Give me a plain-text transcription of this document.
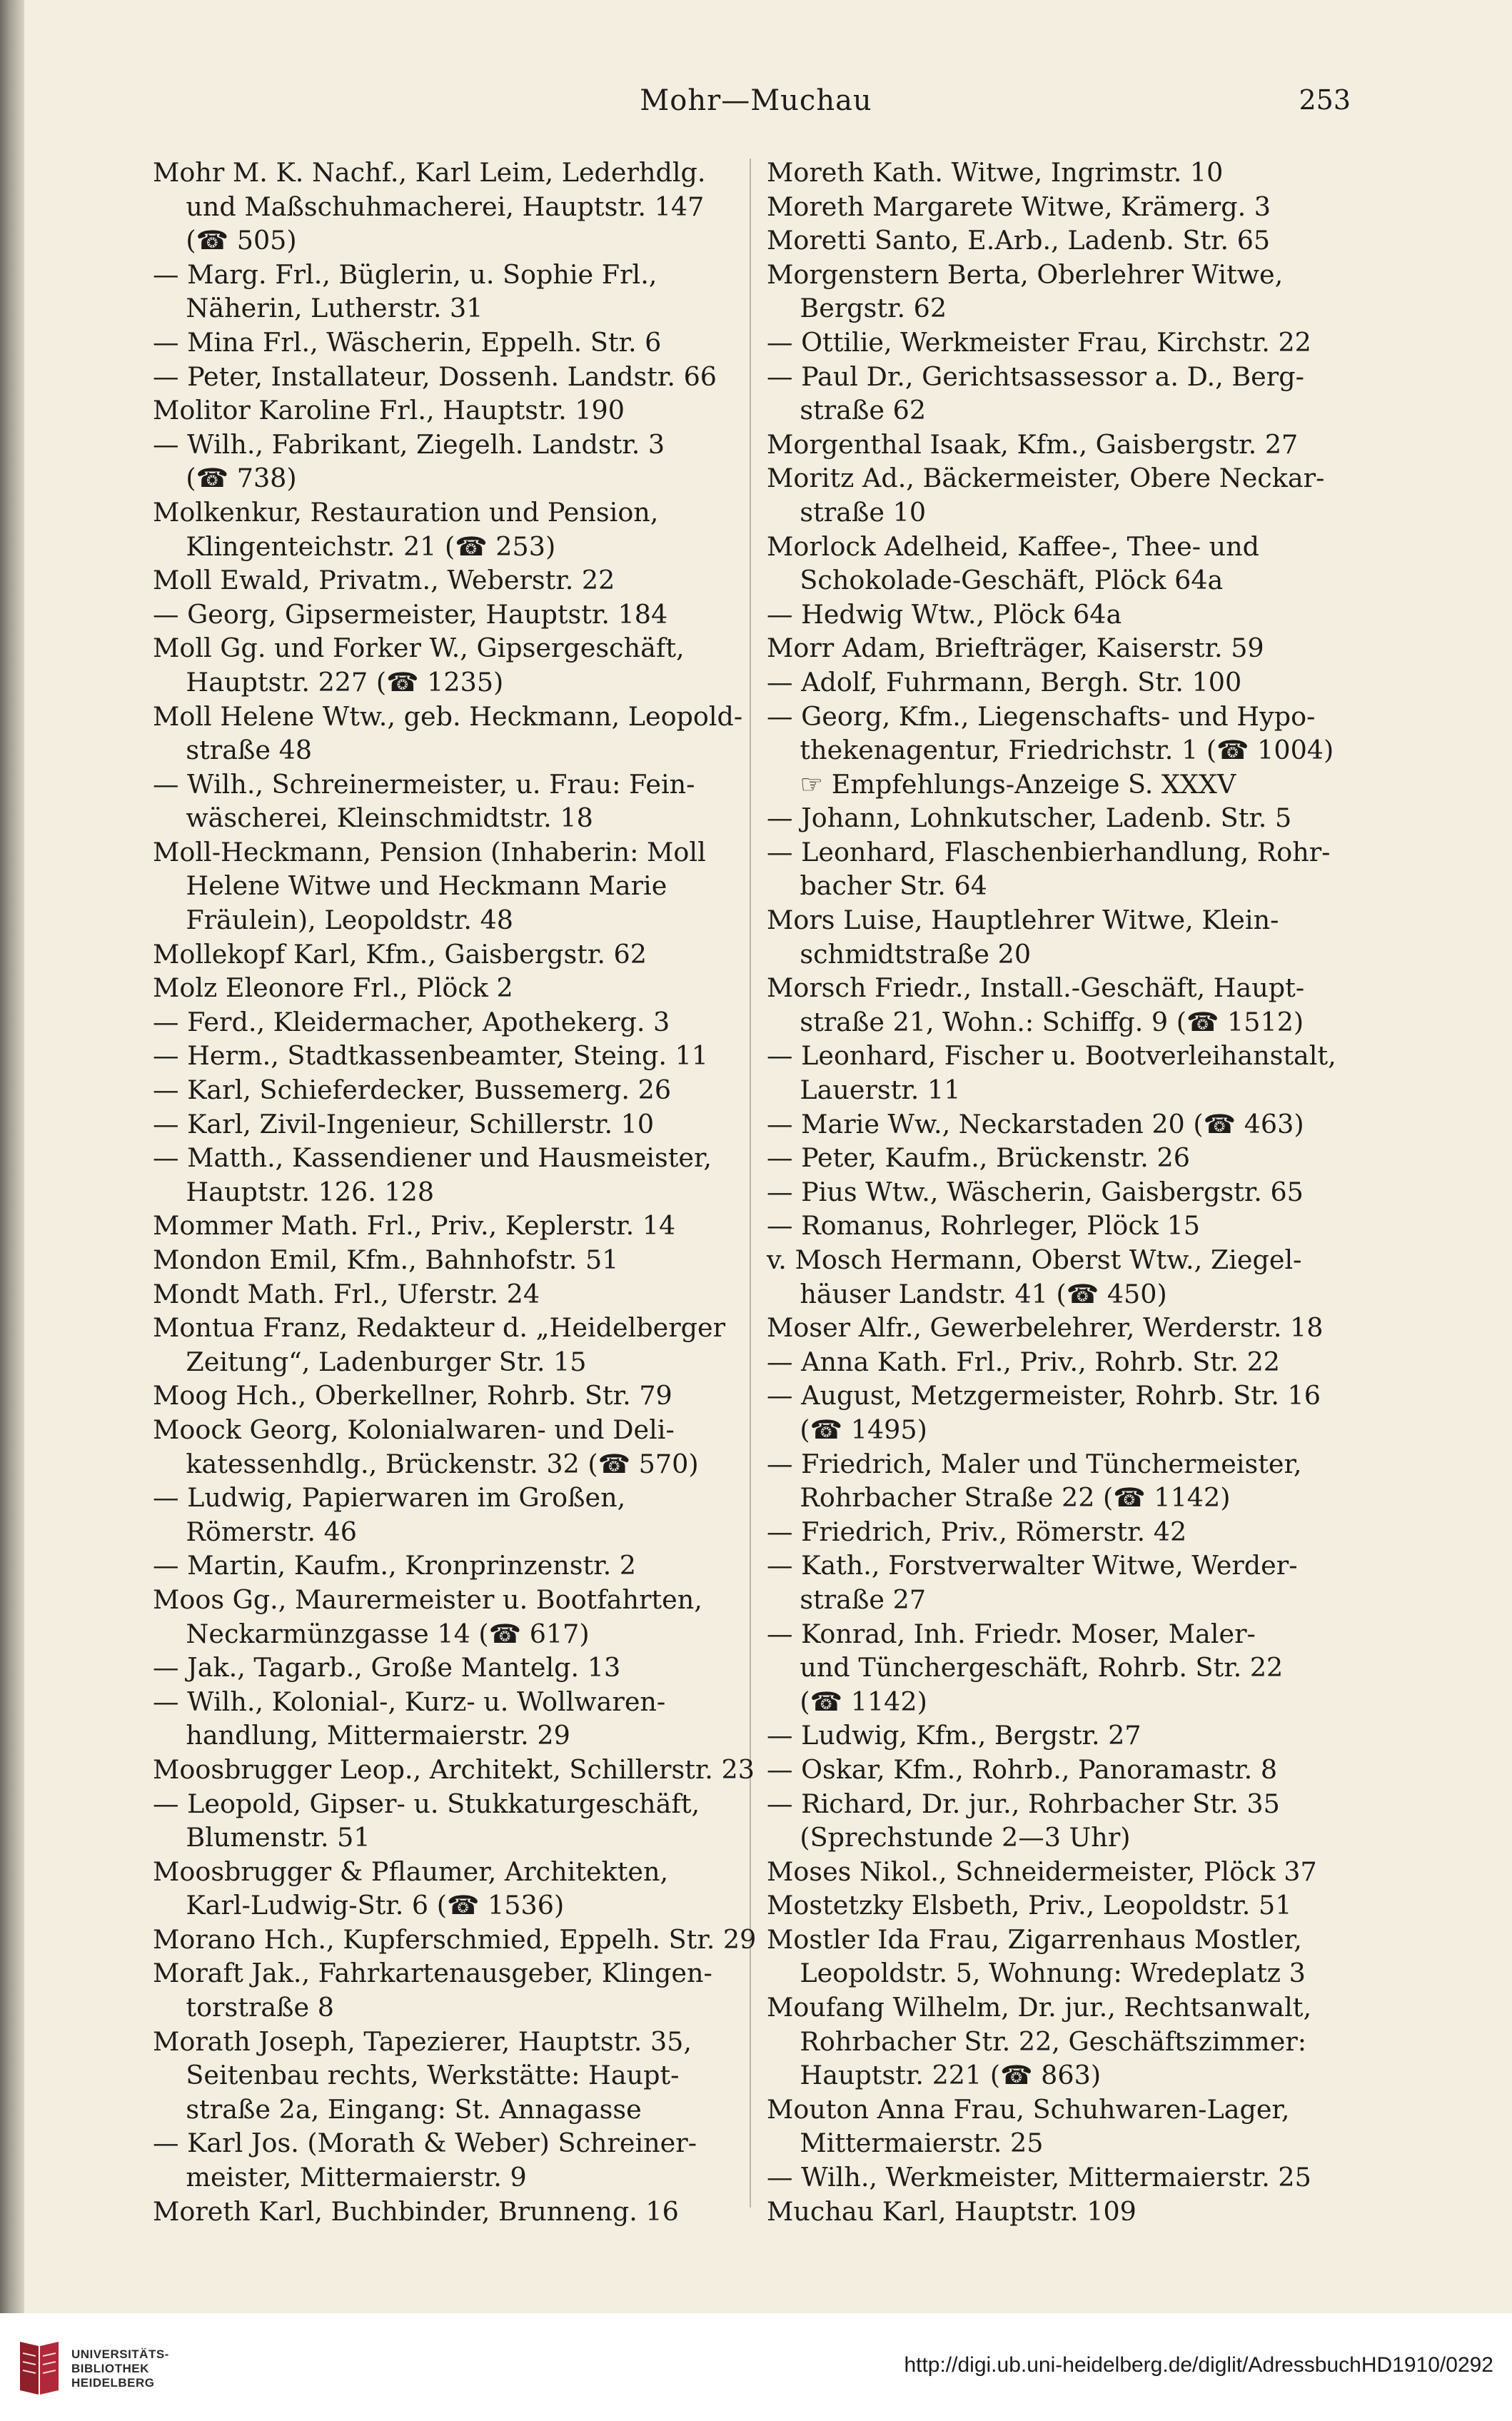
Mohr—Muchau	253
Mohr M. K. Nachf., Karl Leim, Lederhdlg.
und Maßschuhmacherei, Hauptstr. 147
(☎ 505)
— Marg. Frl., Büglerin, u. Sophie Frl.,
Näherin, Lutherstr. 31
— Mina Frl., Wäscherin, Eppelh. Str. 6
— Peter, Installateur, Dossenh. Landstr. 66
Molitor Karoline Frl., Hauptstr. 190
— Wilh., Fabrikant, Ziegelh. Landstr. 3
(☎ 738)
Molkenkur, Restauration und Pension,
Klingenteichstr. 21 (☎ 253)
Moll Ewald, Privatm., Weberstr. 22
— Georg, Gipsermeister, Hauptstr. 184
Moll Gg. und Forker W., Gipsergeschäft,
Hauptstr. 227 (☎ 1235)
Moll Helene Wtw., geb. Heckmann, Leopold-
straße 48
— Wilh., Schreinermeister, u. Frau: Fein-
wäscherei, Kleinschmidtstr. 18
Moll-Heckmann, Pension (Inhaberin: Moll
Helene Witwe und Heckmann Marie
Fräulein), Leopoldstr. 48
Mollekopf Karl, Kfm., Gaisbergstr. 62
Molz Eleonore Frl., Plöck 2
— Ferd., Kleidermacher, Apothekerg. 3
— Herm., Stadtkassenbeamter, Steing. 11
— Karl, Schieferdecker, Bussemerg. 26
— Karl, Zivil-Ingenieur, Schillerstr. 10
— Matth., Kassendiener und Hausmeister,
Hauptstr. 126. 128
Mommer Math. Frl., Priv., Keplerstr. 14
Mondon Emil, Kfm., Bahnhofstr. 51
Mondt Math. Frl., Uferstr. 24
Montua Franz, Redakteur d. „Heidelberger
Zeitung“, Ladenburger Str. 15
Moog Hch., Oberkellner, Rohrb. Str. 79
Moock Georg, Kolonialwaren- und Deli-
katessenhdlg., Brückenstr. 32 (☎ 570)
— Ludwig, Papierwaren im Großen,
Römerstr. 46
— Martin, Kaufm., Kronprinzenstr. 2
Moos Gg., Maurermeister u. Bootfahrten,
Neckarmünzgasse 14 (☎ 617)
— Jak., Tagarb., Große Mantelg. 13
— Wilh., Kolonial-, Kurz- u. Wollwaren-
handlung, Mittermaierstr. 29
Moosbrugger Leop., Architekt, Schillerstr. 23
— Leopold, Gipser- u. Stukkaturgeschäft,
Blumenstr. 51
Moosbrugger & Pflaumer, Architekten,
Karl-Ludwig-Str. 6 (☎ 1536)
Morano Hch., Kupferschmied, Eppelh. Str. 29
Moraft Jak., Fahrkartenausgeber, Klingen-
torstraße 8
Morath Joseph, Tapezierer, Hauptstr. 35,
Seitenbau rechts, Werkstätte: Haupt-
straße 2a, Eingang: St. Annagasse
— Karl Jos. (Morath & Weber) Schreiner-
meister, Mittermaierstr. 9
Moreth Karl, Buchbinder, Brunneng. 16
Moreth Kath. Witwe, Ingrimstr. 10
Moreth Margarete Witwe, Krämerg. 3
Moretti Santo, E.Arb., Ladenb. Str. 65
Morgenstern Berta, Oberlehrer Witwe,
Bergstr. 62
— Ottilie, Werkmeister Frau, Kirchstr. 22
— Paul Dr., Gerichtsassessor a. D., Berg-
straße 62
Morgenthal Isaak, Kfm., Gaisbergstr. 27
Moritz Ad., Bäckermeister, Obere Neckar-
straße 10
Morlock Adelheid, Kaffee-, Thee- und
Schokolade-Geschäft, Plöck 64a
— Hedwig Wtw., Plöck 64a
Morr Adam, Briefträger, Kaiserstr. 59
— Adolf, Fuhrmann, Bergh. Str. 100
— Georg, Kfm., Liegenschafts- und Hypo-
thekenagentur, Friedrichstr. 1 (☎ 1004)
☞ Empfehlungs-Anzeige S. XXXV
— Johann, Lohnkutscher, Ladenb. Str. 5
— Leonhard, Flaschenbierhandlung, Rohr-
bacher Str. 64
Mors Luise, Hauptlehrer Witwe, Klein-
schmidtstraße 20
Morsch Friedr., Install.-Geschäft, Haupt-
straße 21, Wohn.: Schiffg. 9 (☎ 1512)
— Leonhard, Fischer u. Bootverleihanstalt,
Lauerstr. 11
— Marie Ww., Neckarstaden 20 (☎ 463)
— Peter, Kaufm., Brückenstr. 26
— Pius Wtw., Wäscherin, Gaisbergstr. 65
— Romanus, Rohrleger, Plöck 15
v. Mosch Hermann, Oberst Wtw., Ziegel-
häuser Landstr. 41 (☎ 450)
Moser Alfr., Gewerbelehrer, Werderstr. 18
— Anna Kath. Frl., Priv., Rohrb. Str. 22
— August, Metzgermeister, Rohrb. Str. 16
(☎ 1495)
— Friedrich, Maler und Tünchermeister,
Rohrbacher Straße 22 (☎ 1142)
— Friedrich, Priv., Römerstr. 42
— Kath., Forstverwalter Witwe, Werder-
straße 27
— Konrad, Inh. Friedr. Moser, Maler-
und Tünchergeschäft, Rohrb. Str. 22
(☎ 1142)
— Ludwig, Kfm., Bergstr. 27
— Oskar, Kfm., Rohrb., Panoramastr. 8
— Richard, Dr. jur., Rohrbacher Str. 35
(Sprechstunde 2—3 Uhr)
Moses Nikol., Schneidermeister, Plöck 37
Mostetzky Elsbeth, Priv., Leopoldstr. 51
Mostler Ida Frau, Zigarrenhaus Mostler,
Leopoldstr. 5, Wohnung: Wredeplatz 3
Moufang Wilhelm, Dr. jur., Rechtsanwalt,
Rohrbacher Str. 22, Geschäftszimmer:
Hauptstr. 221 (☎ 863)
Mouton Anna Frau, Schuhwaren-Lager,
Mittermaierstr. 25
— Wilh., Werkmeister, Mittermaierstr. 25
Muchau Karl, Hauptstr. 109
UNIVERSITÄTS-
BIBLIOTHEK
HEIDELBERG
http://digi.ub.uni-heidelberg.de/diglit/AdressbuchHD1910/0292
